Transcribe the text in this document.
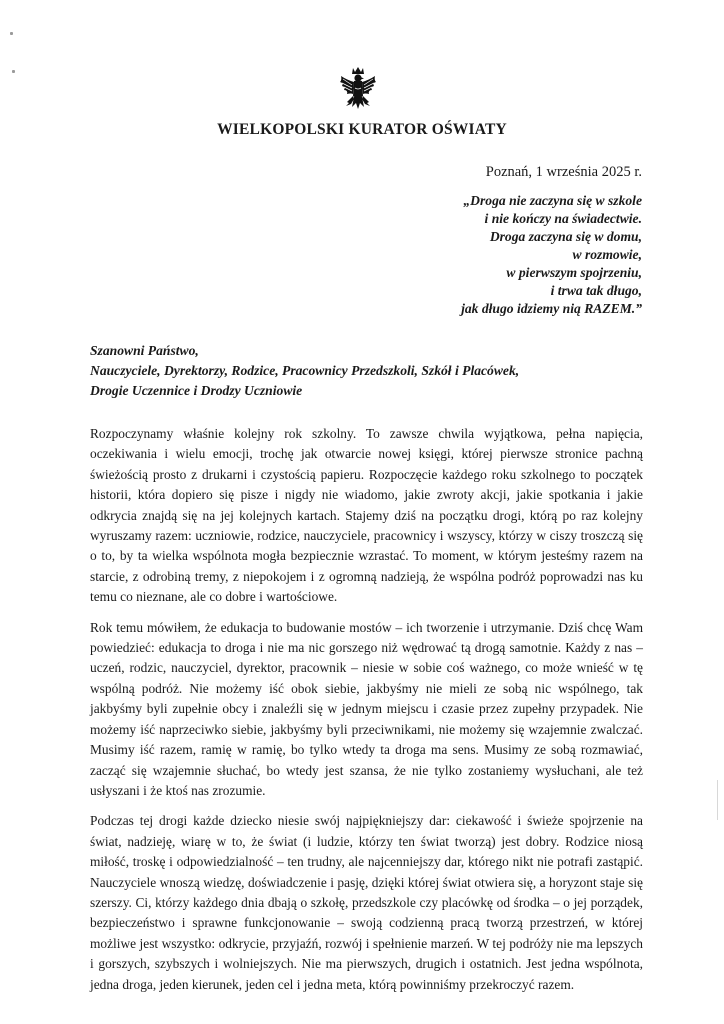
WIELKOPOLSKI KURATOR OŚWIATY
Poznań, 1 września 2025 r.
„Droga nie zaczyna się w szkole
i nie kończy na świadectwie.
Droga zaczyna się w domu,
w rozmowie,
w pierwszym spojrzeniu,
i trwa tak długo,
jak długo idziemy nią RAZEM.”
Szanowni Państwo,
Nauczyciele, Dyrektorzy, Rodzice, Pracownicy Przedszkoli, Szkół i Placówek,
Drogie Uczennice i Drodzy Uczniowie

Rozpoczynamy właśnie kolejny rok szkolny. To zawsze chwila wyjątkowa, pełna napięcia, oczekiwania i wielu emocji, trochę jak otwarcie nowej księgi, której pierwsze stronice pachną świeżością prosto z drukarni i czystością papieru. Rozpoczęcie każdego roku szkolnego to początek historii, która dopiero się pisze i nigdy nie wiadomo, jakie zwroty akcji, jakie spotkania i jakie odkrycia znajdą się na jej kolejnych kartach. Stajemy dziś na początku drogi, którą po raz kolejny wyruszamy razem: uczniowie, rodzice, nauczyciele, pracownicy i wszyscy, którzy w ciszy troszczą się o to, by ta wielka wspólnota mogła bezpiecznie wzrastać. To moment, w którym jesteśmy razem na starcie, z odrobiną tremy, z niepokojem i z ogromną nadzieją, że wspólna podróż poprowadzi nas ku temu co nieznane, ale co dobre i wartościowe.

Rok temu mówiłem, że edukacja to budowanie mostów – ich tworzenie i utrzymanie. Dziś chcę Wam powiedzieć: edukacja to droga i nie ma nic gorszego niż wędrować tą drogą samotnie. Każdy z nas – uczeń, rodzic, nauczyciel, dyrektor, pracownik – niesie w sobie coś ważnego, co może wnieść w tę wspólną podróż. Nie możemy iść obok siebie, jakbyśmy nie mieli ze sobą nic wspólnego, tak jakbyśmy byli zupełnie obcy i znaleźli się w jednym miejscu i czasie przez zupełny przypadek. Nie możemy iść naprzeciwko siebie, jakbyśmy byli przeciwnikami, nie możemy się wzajemnie zwalczać. Musimy iść razem, ramię w ramię, bo tylko wtedy ta droga ma sens. Musimy ze sobą rozmawiać, zacząć się wzajemnie słuchać, bo wtedy jest szansa, że nie tylko zostaniemy wysłuchani, ale też usłyszani i że ktoś nas zrozumie.

Podczas tej drogi każde dziecko niesie swój najpiękniejszy dar: ciekawość i świeże spojrzenie na świat, nadzieję, wiarę w to, że świat (i ludzie, którzy ten świat tworzą) jest dobry. Rodzice niosą miłość, troskę i odpowiedzialność – ten trudny, ale najcenniejszy dar, którego nikt nie potrafi zastąpić. Nauczyciele wnoszą wiedzę, doświadczenie i pasję, dzięki której świat otwiera się, a horyzont staje się szerszy. Ci, którzy każdego dnia dbają o szkołę, przedszkole czy placówkę od środka – o jej porządek, bezpieczeństwo i sprawne funkcjonowanie – swoją codzienną pracą tworzą przestrzeń, w której możliwe jest wszystko: odkrycie, przyjaźń, rozwój i spełnienie marzeń. W tej podróży nie ma lepszych i gorszych, szybszych i wolniejszych. Nie ma pierwszych, drugich i ostatnich. Jest jedna wspólnota, jedna droga, jeden kierunek, jeden cel i jedna meta, którą powinniśmy przekroczyć razem.
